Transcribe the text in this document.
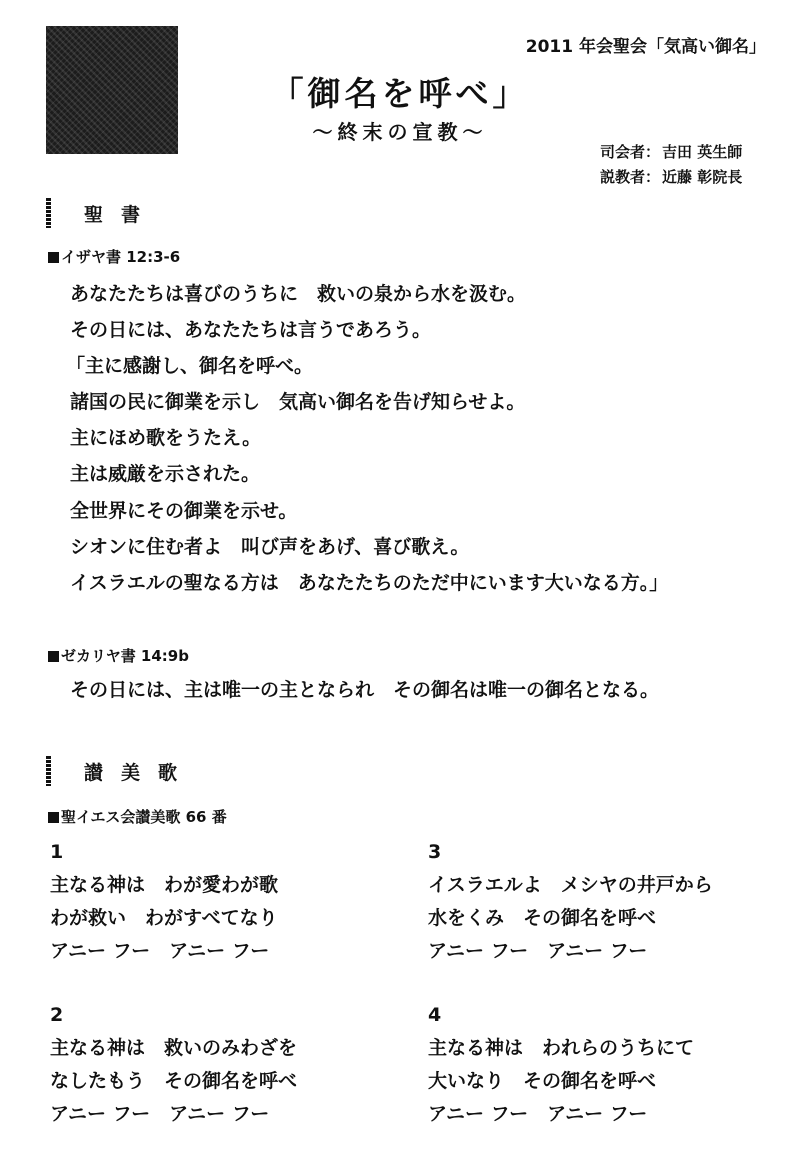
2011 年会聖会「気高い御名」
「御名を呼べ」
～終末の宣教～
司会者： 吉田 英生師
説教者： 近藤 彰院長
聖書
イザヤ書 12:3-6
あなたたちは喜びのうちに　救いの泉から水を汲む。
その日には、あなたたちは言うであろう。
「主に感謝し、御名を呼べ。
諸国の民に御業を示し　気高い御名を告げ知らせよ。
主にほめ歌をうたえ。
主は威厳を示された。
全世界にその御業を示せ。
シオンに住む者よ　叫び声をあげ、喜び歌え。
イスラエルの聖なる方は　あなたたちのただ中にいます大いなる方。」
ゼカリヤ書 14:9b
その日には、主は唯一の主となられ　その御名は唯一の御名となる。
讃美歌
聖イエス会讃美歌 66 番
1
主なる神は　わが愛わが歌
わが救い　わがすべてなり
アニー フー　アニー フー
3
イスラエルよ　メシヤの井戸から
水をくみ　その御名を呼べ
アニー フー　アニー フー
2
主なる神は　救いのみわざを
なしたもう　その御名を呼べ
アニー フー　アニー フー
4
主なる神は　われらのうちにて
大いなり　その御名を呼べ
アニー フー　アニー フー
